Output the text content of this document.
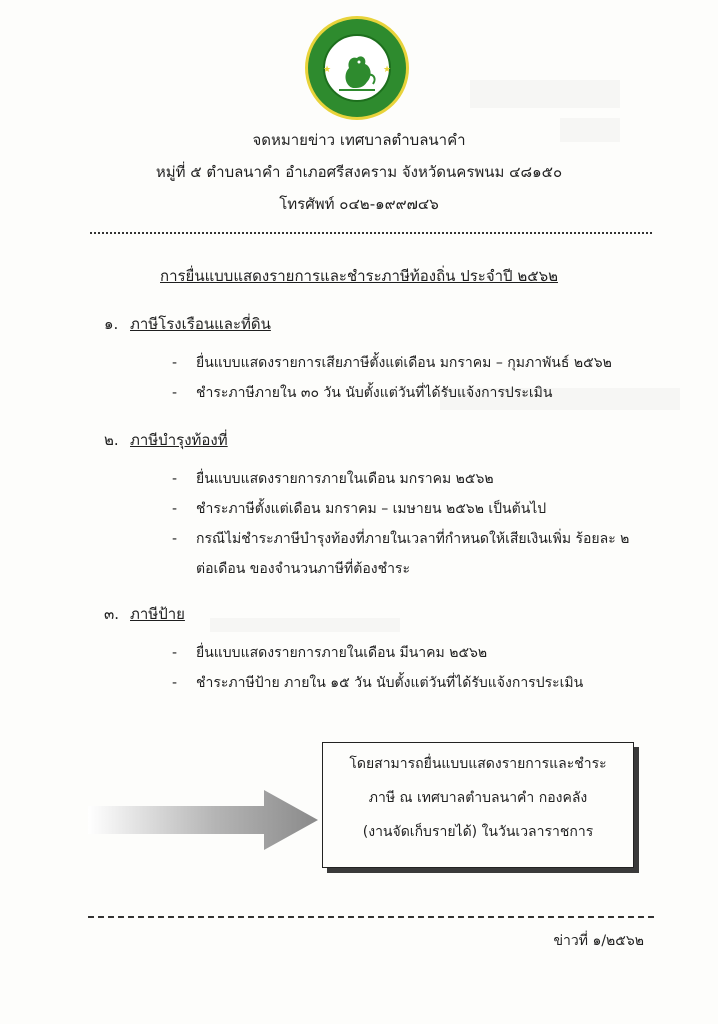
★	★
จดหมายข่าว เทศบาลตำบลนาคำ
หมู่ที่ ๕ ตำบลนาคำ อำเภอศรีสงคราม จังหวัดนครพนม ๔๘๑๕๐
โทรศัพท์ ๐๔๒-๑๙๙๗๔๖
การยื่นแบบแสดงรายการและชำระภาษีท้องถิ่น ประจำปี ๒๕๖๒
๑. ภาษีโรงเรือนและที่ดิน
- ยื่นแบบแสดงรายการเสียภาษีตั้งแต่เดือน มกราคม – กุมภาพันธ์ ๒๕๖๒
- ชำระภาษีภายใน ๓๐ วัน นับตั้งแต่วันที่ได้รับแจ้งการประเมิน
๒. ภาษีบำรุงท้องที่
- ยื่นแบบแสดงรายการภายในเดือน มกราคม ๒๕๖๒
- ชำระภาษีตั้งแต่เดือน มกราคม – เมษายน ๒๕๖๒ เป็นต้นไป
- กรณีไม่ชำระภาษีบำรุงท้องที่ภายในเวลาที่กำหนดให้เสียเงินเพิ่ม ร้อยละ ๒
ต่อเดือน ของจำนวนภาษีที่ต้องชำระ
๓. ภาษีป้าย
- ยื่นแบบแสดงรายการภายในเดือน มีนาคม ๒๕๖๒
- ชำระภาษีป้าย ภายใน ๑๕ วัน นับตั้งแต่วันที่ได้รับแจ้งการประเมิน
โดยสามารถยื่นแบบแสดงรายการและชำระ
ภาษี ณ เทศบาลตำบลนาคำ กองคลัง
(งานจัดเก็บรายได้) ในวันเวลาราชการ
ข่าวที่ ๑/๒๕๖๒
